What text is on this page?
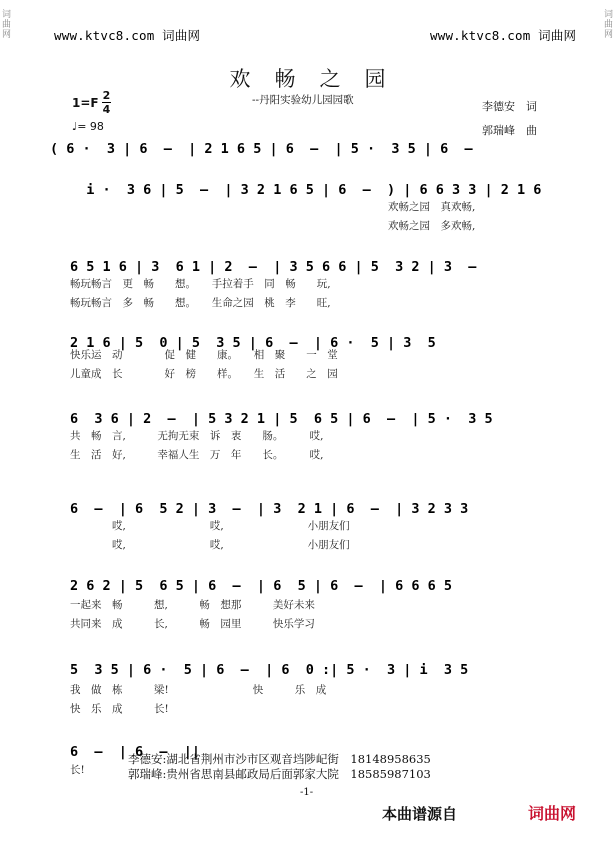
词
曲
网
词
曲
网
www.ktvc8.com 词曲网	www.ktvc8.com 词曲网
欢畅之园
--丹阳实验幼儿园园歌	李德安　词
郭瑞峰　曲
1=F
2
4
♩= 98
( 6 ·  3 | 6  —  | 2 1 6 5 | 6  —  | 5 ·  3 5 | 6  —
i ·  3 6 | 5  —  | 3 2 1 6 5 | 6  —  ) | 6 6 3 3 | 2 1 6
欢畅之园　真欢畅,
欢畅之园　多欢畅,
6 5 1 6 | 3  6 1 | 2  —  | 3 5 6 6 | 5  3 2 | 3  —
畅玩畅言　更　畅　　想。　　手拉着手　同　畅　　玩,
畅玩畅言　多　畅　　想。　　生命之园　桃　李　　旺,
2 1 6 | 5  0 | 5  3 5 | 6  —  | 6 ·  5 | 3  5
快乐运　动　　　　促　健　　康。　　相　聚　　一　堂
儿童成　长　　　　好　榜　　样。　　生　活　　之　园
6  3 6 | 2  —  | 5 3 2 1 | 5  6 5 | 6  —  | 5 ·  3 5
共　畅　言,　　　无拘无束　诉　衷　　肠。　　　哎,
生　活　好,　　　幸福人生　万　年　　长。　　　哎,
6  —  | 6  5 2 | 3  —  | 3  2 1 | 6  —  | 3 2 3 3
　　　　哎,　　　　　　　　哎,　　　　　　　　小朋友们
　　　　哎,　　　　　　　　哎,　　　　　　　　小朋友们
2 6 2 | 5  6 5 | 6  —  | 6  5 | 6  —  | 6 6 6 5
一起来　畅　　　想,　　　畅　想那　　　美好未来
共同来　成　　　长,　　　畅　园里　　　快乐学习
5  3 5 | 6 ·  5 | 6  —  | 6  0 :| 5 ·  3 | i  3 5
我　做　栋　　　梁!　　　　　　　　快　　　乐　成
快　乐　成　　　长!
6  —  | 6  —  ||
长!
李德安:湖北省荆州市沙市区观音垱陟屺街　18148958635
郭瑞峰:贵州省思南县邮政局后面郭家大院　18585987103
-1-
本曲谱源自	词曲网
